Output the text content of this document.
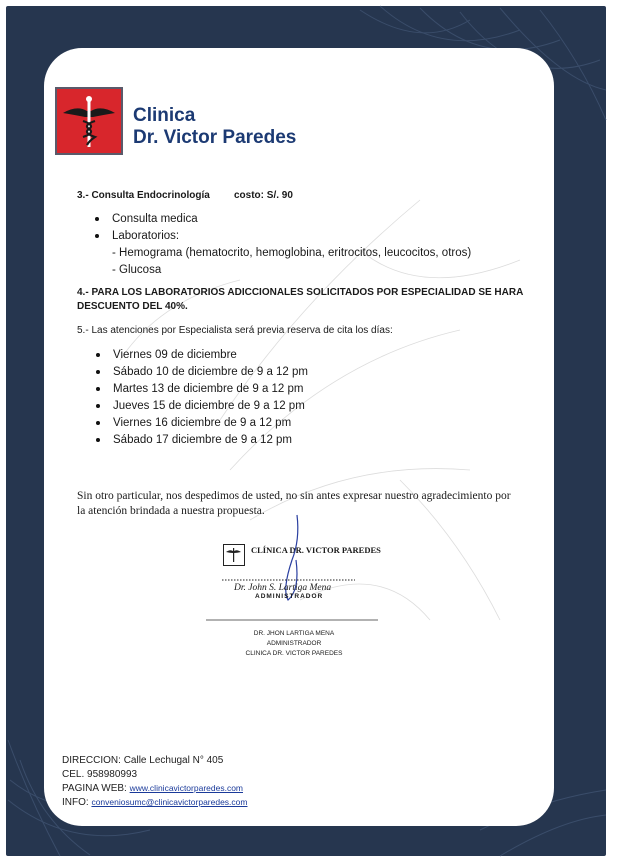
Clinica
Dr. Victor Paredes
3.- Consulta Endocrinología costo: S/. 90
Consulta medica
Laboratorios:
- Hemograma (hematocrito, hemoglobina, eritrocitos, leucocitos, otros)
- Glucosa
4.- PARA LOS LABORATORIOS ADICCIONALES SOLICITADOS POR ESPECIALIDAD SE HARA
DESCUENTO DEL 40%.
5.- Las atenciones por Especialista será previa reserva de cita los días:
Viernes 09 de diciembre
Sábado 10 de diciembre de 9 a 12 pm
Martes 13 de diciembre de 9 a 12 pm
Jueves 15 de diciembre de 9 a 12 pm
Viernes 16 diciembre de 9 a 12 pm
Sábado 17 diciembre de 9 a 12 pm
Sin otro particular, nos despedimos de usted, no sin antes expresar nuestro agradecimiento por
la atención brindada a nuestra propuesta.
CLÍNICA DR. VICTOR PAREDES
Dr. John S. Lartiga Mena
ADMINISTRADOR
DR. JHON LARTIGA MENA
ADMINISTRADOR
CLINICA DR. VICTOR PAREDES
DIRECCION: Calle Lechugal N° 405
CEL. 958980993
PAGINA WEB: www.clinicavictorparedes.com
INFO: conveniosumc@clinicavictorparedes.com
